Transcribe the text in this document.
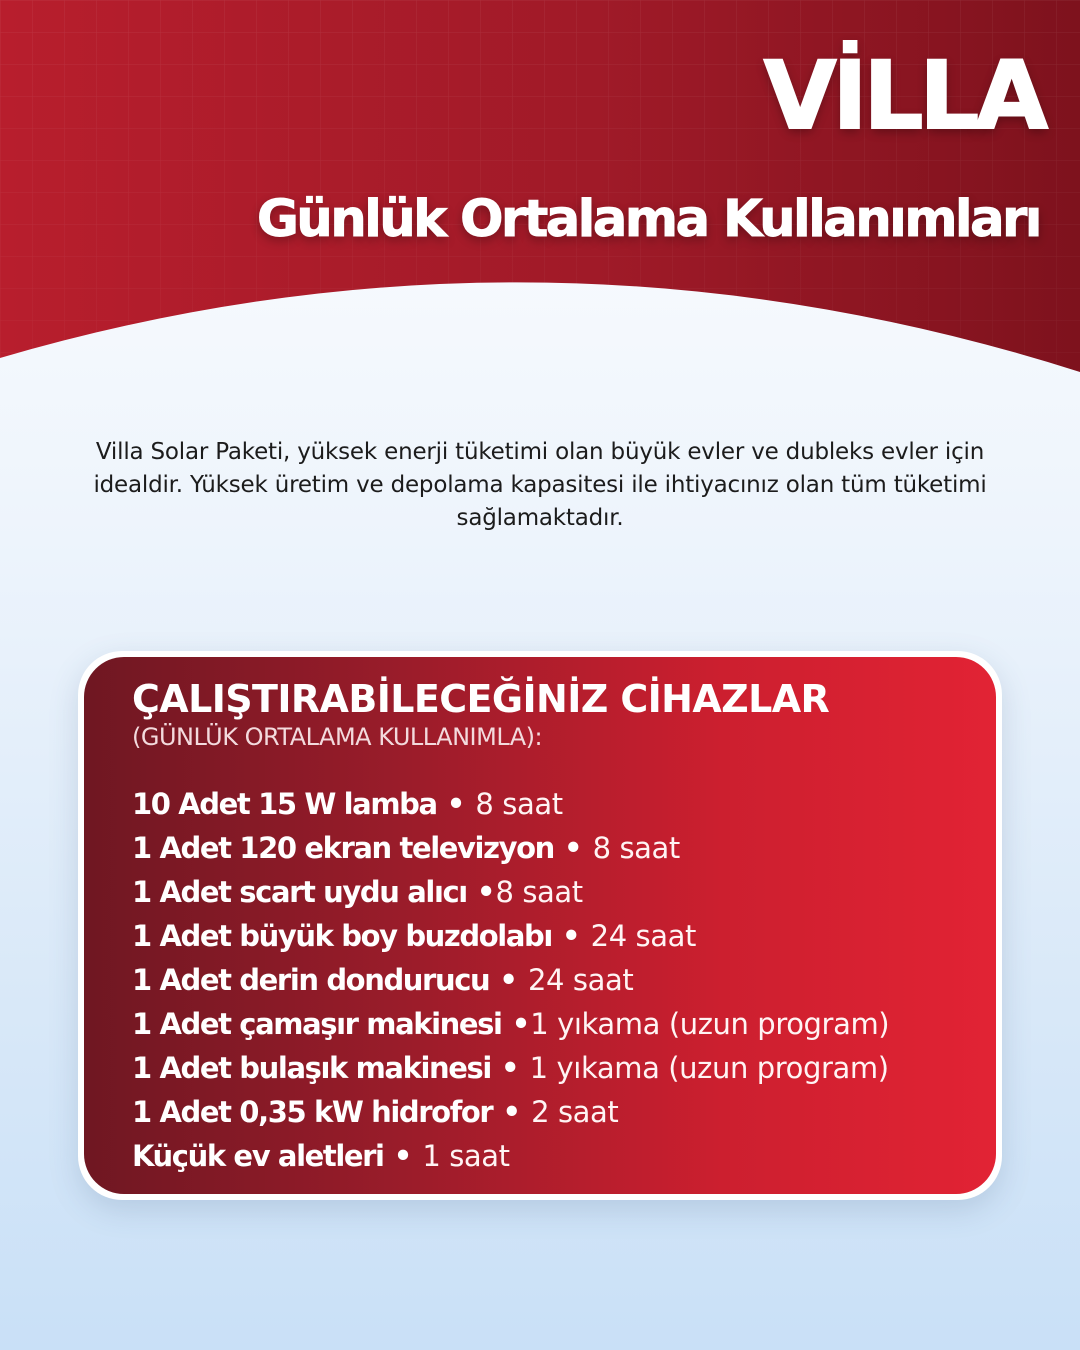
VİLLA
Günlük Ortalama Kullanımları

Villa Solar Paketi, yüksek enerji tüketimi olan büyük evler ve dubleks evler için idealdir. Yüksek üretim ve depolama kapasitesi ile ihtiyacınız olan tüm tüketimi sağlamaktadır.

ÇALIŞTIRABİLECEĞİNİZ CİHAZLAR

(GÜNLÜK ORTALAMA KULLANIMLA):

10 Adet 15 W lamba • 8 saat
1 Adet 120 ekran televizyon • 8 saat
1 Adet scart uydu alıcı •8 saat
1 Adet büyük boy buzdolabı • 24 saat
1 Adet derin dondurucu • 24 saat
1 Adet çamaşır makinesi •1 yıkama (uzun program)
1 Adet bulaşık makinesi • 1 yıkama (uzun program)
1 Adet 0,35 kW hidrofor • 2 saat
Küçük ev aletleri • 1 saat
